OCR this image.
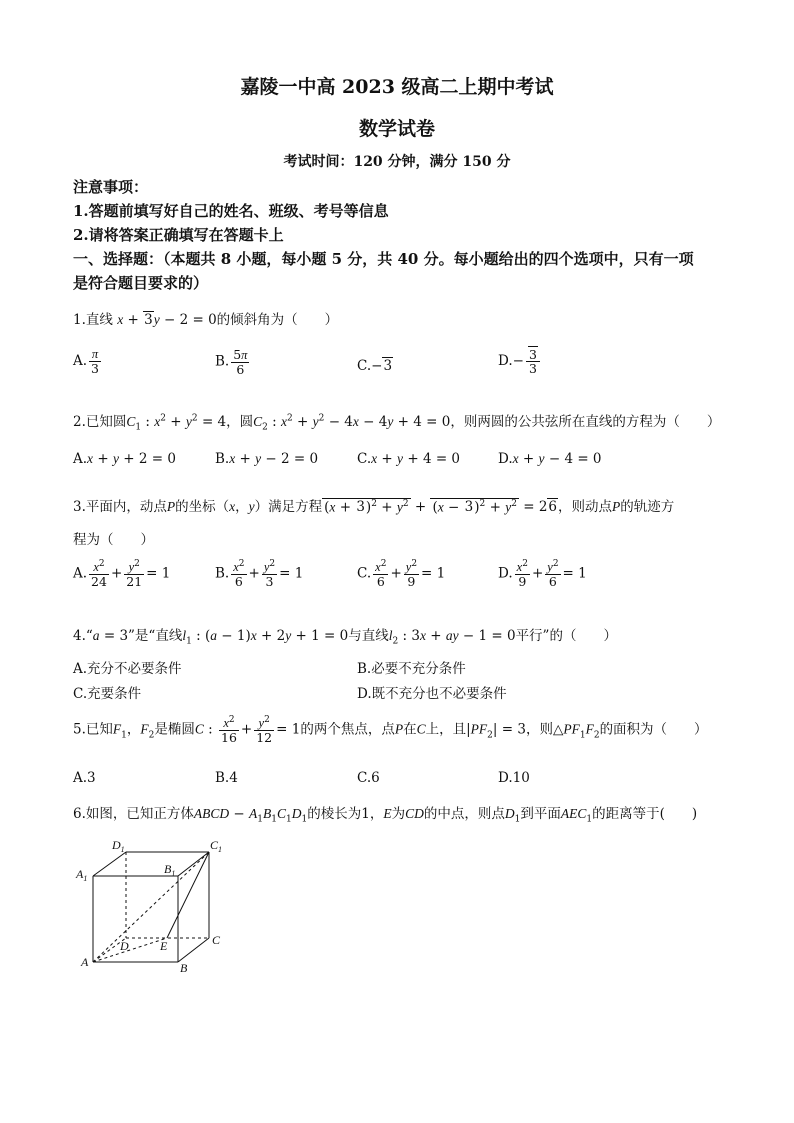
嘉陵一中高 2023 级高二上期中考试
数学试卷
考试时间：120 分钟，满分 150 分
注意事项：
1.答题前填写好自己的姓名、班级、考号等信息
2.请将答案正确填写在答题卡上
一、选择题：（本题共 8 小题，每小题 5 分，共 40 分。每小题给出的四个选项中，只有一项
是符合题目要求的）
1.直线 x + 3y − 2 = 0的倾斜角为（　　）
A. $\frac{\pi}{3}$	B. $\frac{5\pi}{6}$	C.−3	$D.- \frac{3}{3}$
2.已知圆$C_1$ : $x^2 + y^2 = 4$，圆$C_2$ : $x^2 + y^2 - 4x - 4y + 4 = 0$，则两圆的公共弦所在直线的方程为（　　）
A.x + y + 2 = 0	B.x + y − 2 = 0	C.x + y + 4 = 0	D.x + y − 4 = 0
3.平面内，动点P的坐标（x，y）满足方程 $(x + 3)^2 + y^2 + (x - 3)^2 + y^2 = 26$，则动点P的轨迹方
程为（　　）
A. $\frac{x^2}{24} + \frac{y^2}{21} = 1$	B. $\frac{x^2}{6} + \frac{y^2}{3} = 1$	C. $\frac{x^2}{6} + \frac{y^2}{9} = 1$	D. $\frac{x^2}{9} + \frac{y^2}{6} = 1$
4.“a = 3”是“直线$l_1$ : (a − 1)x + 2y + 1 = 0与直线$l_2$ : 3x + ay − 1 = 0平行”的（　　）
A.充分不必要条件	B.必要不充分条件
C.充要条件	D.既不充分也不必要条件
5.已知$F_1$，$F_2$是椭圆C : $\frac{x^2}{16} + \frac{y^2}{12} = 1$的两个焦点，点P在C上，且$|PF_2| = 3$，则$\triangle PF_1F_2$的面积为（　　）
A.3	B.4	C.6	D.10
6.如图，已知正方体ABCD − $A_1B_1C_1D_1$的棱长为1，E为CD的中点，则点$D_1$到平面$AEC_1$的距离等于(　　)
$D_1$	$C_1$
$A_1$
$B_1$
D	E	C
A	B
